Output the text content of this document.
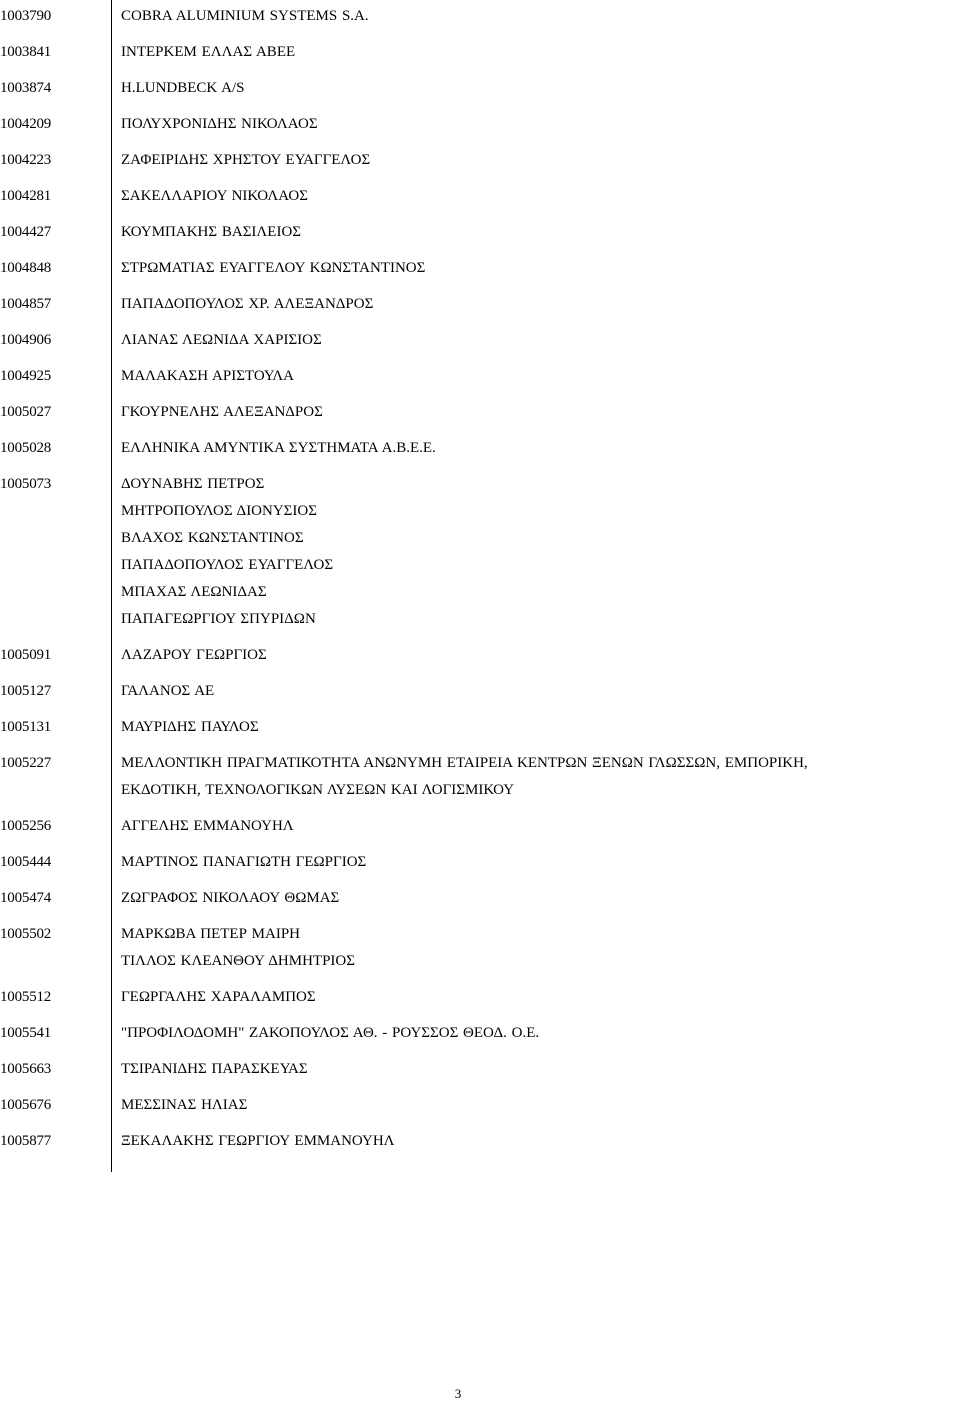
1003790	COBRA ALUMINIUM SYSTEMS S.A.
1003841	ΙΝΤΕΡΚΕΜ ΕΛΛΑΣ ΑΒΕΕ
1003874	H.LUNDBECK A/S
1004209	ΠΟΛΥΧΡΟΝΙΔΗΣ ΝΙΚΟΛΑΟΣ
1004223	ΖΑΦΕΙΡΙΔΗΣ ΧΡΗΣΤΟΥ ΕΥΑΓΓΕΛΟΣ
1004281	ΣΑΚΕΛΛΑΡΙΟΥ ΝΙΚΟΛΑΟΣ
1004427	ΚΟΥΜΠΑΚΗΣ ΒΑΣΙΛΕΙΟΣ
1004848	ΣΤΡΩΜΑΤΙΑΣ ΕΥΑΓΓΕΛΟΥ ΚΩΝΣΤΑΝΤΙΝΟΣ
1004857	ΠΑΠΑΔΟΠΟΥΛΟΣ ΧΡ. ΑΛΕΞΑΝΔΡΟΣ
1004906	ΛΙΑΝΑΣ ΛΕΩΝΙΔΑ ΧΑΡΙΣΙΟΣ
1004925	ΜΑΛΑΚΑΣΗ ΑΡΙΣΤΟΥΛΑ
1005027	ΓΚΟΥΡΝΕΛΗΣ ΑΛΕΞΑΝΔΡΟΣ
1005028	ΕΛΛΗΝΙΚΑ ΑΜΥΝΤΙΚΑ ΣΥΣΤΗΜΑΤΑ Α.Β.Ε.Ε.
1005073	ΔΟΥΝΑΒΗΣ ΠΕΤΡΟΣ
ΜΗΤΡΟΠΟΥΛΟΣ ΔΙΟΝΥΣΙΟΣ
ΒΛΑΧΟΣ ΚΩΝΣΤΑΝΤΙΝΟΣ
ΠΑΠΑΔΟΠΟΥΛΟΣ ΕΥΑΓΓΕΛΟΣ
ΜΠΑΧΑΣ ΛΕΩΝΙΔΑΣ
ΠΑΠΑΓΕΩΡΓΙΟΥ ΣΠΥΡΙΔΩΝ
1005091	ΛΑΖΑΡΟΥ ΓΕΩΡΓΙΟΣ
1005127	ΓΑΛΑΝΟΣ ΑΕ
1005131	ΜΑΥΡΙΔΗΣ ΠΑΥΛΟΣ
1005227	ΜΕΛΛΟΝΤΙΚΗ ΠΡΑΓΜΑΤΙΚΟΤΗΤΑ ΑΝΩΝΥΜΗ ΕΤΑΙΡΕΙΑ ΚΕΝΤΡΩΝ ΞΕΝΩΝ ΓΛΩΣΣΩΝ, ΕΜΠΟΡΙΚΗ,
ΕΚΔΟΤΙΚΗ, ΤΕΧΝΟΛΟΓΙΚΩΝ ΛΥΣΕΩΝ ΚΑΙ ΛΟΓΙΣΜΙΚΟΥ
1005256	ΑΓΓΕΛΗΣ ΕΜΜΑΝΟΥΗΛ
1005444	ΜΑΡΤΙΝΟΣ ΠΑΝΑΓΙΩΤΗ ΓΕΩΡΓΙΟΣ
1005474	ΖΩΓΡΑΦΟΣ ΝΙΚΟΛΑΟΥ ΘΩΜΑΣ
1005502	ΜΑΡΚΩΒΑ ΠΕΤΕΡ ΜΑΙΡΗ
ΤΙΛΛΟΣ ΚΛΕΑΝΘΟΥ ΔΗΜΗΤΡΙΟΣ
1005512	ΓΕΩΡΓΑΛΗΣ ΧΑΡΑΛΑΜΠΟΣ
1005541	"ΠΡΟΦΙΛΟΔΟΜΗ" ΖΑΚΟΠΟΥΛΟΣ ΑΘ. - ΡΟΥΣΣΟΣ ΘΕΟΔ. Ο.Ε.
1005663	ΤΣΙΡΑΝΙΔΗΣ ΠΑΡΑΣΚΕΥΑΣ
1005676	ΜΕΣΣΙΝΑΣ ΗΛΙΑΣ
1005877	ΞΕΚΑΛΑΚΗΣ ΓΕΩΡΓΙΟΥ ΕΜΜΑΝΟΥΗΛ
3
